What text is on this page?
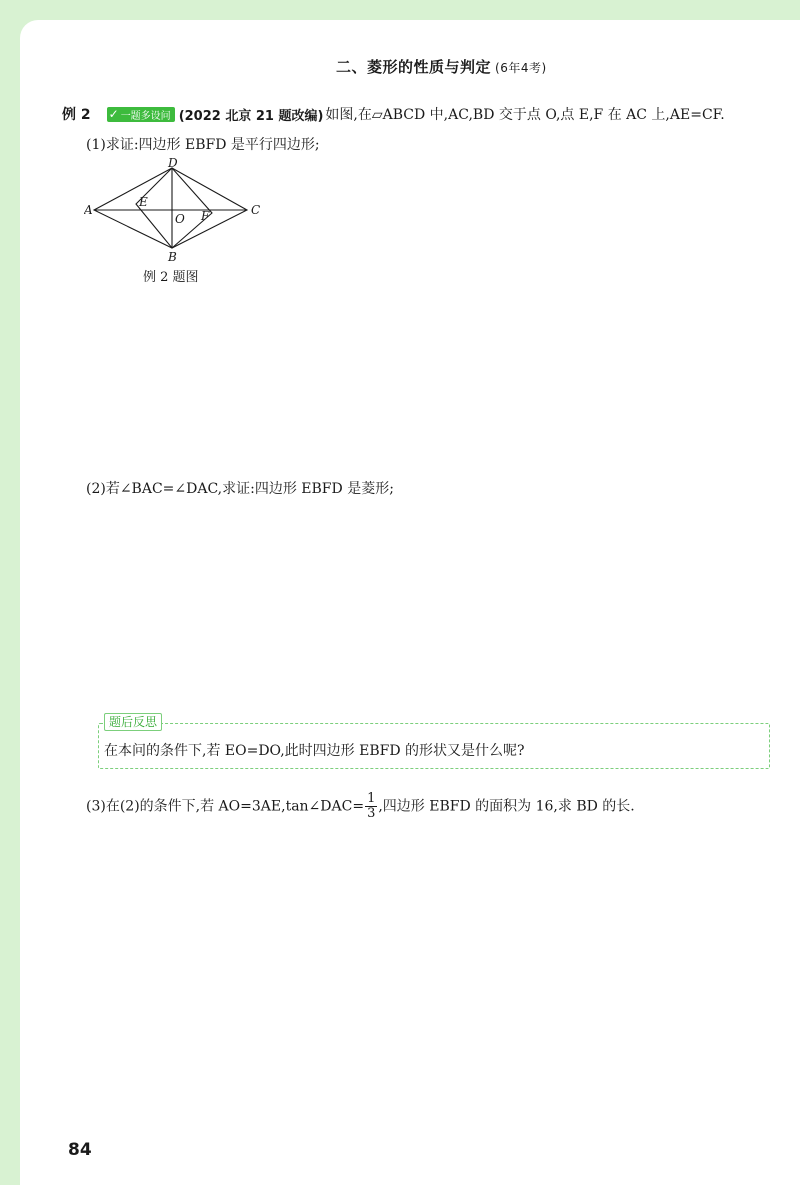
二、菱形的性质与判定 (6年4考)
例 2 ✓ 一题多设问 (2022 北京 21 题改编) 如图,在▱ABCD 中,AC,BD 交于点 O,点 E,F 在 AC 上,AE=CF.
(1)求证:四边形 EBFD 是平行四边形;
D
A	C
B
E
O F
例 2 题图
(2)若∠BAC=∠DAC,求证:四边形 EBFD 是菱形;
题后反思
在本问的条件下,若 EO=DO,此时四边形 EBFD 的形状又是什么呢?
(3)在(2)的条件下,若 AO=3AE,tan∠DAC= $\frac{1}{3}$ ,四边形 EBFD 的面积为 16,求 BD 的长.
84
